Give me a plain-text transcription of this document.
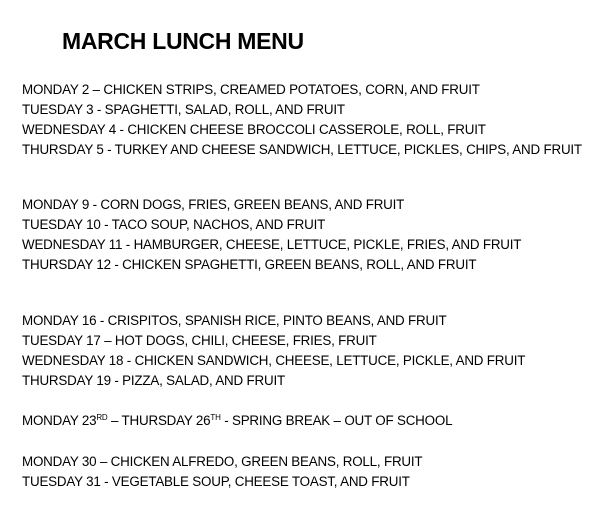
MARCH LUNCH MENU
MONDAY 2 – CHICKEN STRIPS, CREAMED POTATOES, CORN, AND FRUIT
TUESDAY 3 - SPAGHETTI, SALAD, ROLL, AND FRUIT
WEDNESDAY 4 - CHICKEN CHEESE BROCCOLI CASSEROLE, ROLL, FRUIT
THURSDAY 5 - TURKEY AND CHEESE SANDWICH, LETTUCE, PICKLES, CHIPS, AND FRUIT
MONDAY 9 - CORN DOGS, FRIES, GREEN BEANS, AND FRUIT
TUESDAY 10 - TACO SOUP, NACHOS, AND FRUIT
WEDNESDAY 11 - HAMBURGER, CHEESE, LETTUCE, PICKLE, FRIES, AND FRUIT
THURSDAY 12 - CHICKEN SPAGHETTI, GREEN BEANS, ROLL, AND FRUIT
MONDAY 16 - CRISPITOS, SPANISH RICE, PINTO BEANS, AND FRUIT
TUESDAY 17 – HOT DOGS, CHILI, CHEESE, FRIES, FRUIT
WEDNESDAY 18 - CHICKEN SANDWICH, CHEESE, LETTUCE, PICKLE, AND FRUIT
THURSDAY 19 - PIZZA, SALAD, AND FRUIT
MONDAY 23RD – THURSDAY 26TH - SPRING BREAK – OUT OF SCHOOL
MONDAY 30 – CHICKEN ALFREDO, GREEN BEANS, ROLL, FRUIT
TUESDAY 31 - VEGETABLE SOUP, CHEESE TOAST, AND FRUIT
